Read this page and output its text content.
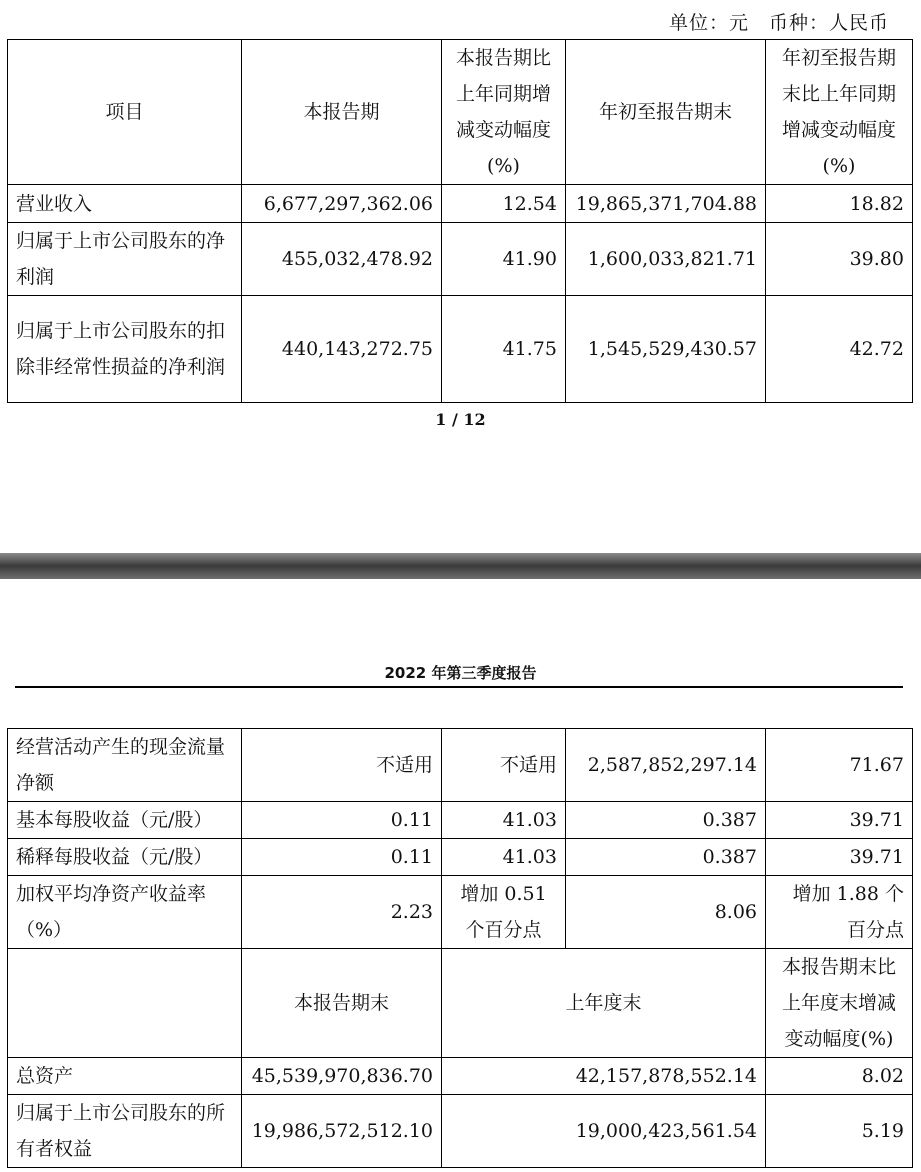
单位：元　币种：人民币
项目	本报告期	本报告期比上年同期增减变动幅度(%)	年初至报告期末	年初至报告期末比上年同期增减变动幅度(%)
营业收入	6,677,297,362.06	12.54	19,865,371,704.88	18.82
归属于上市公司股东的净利润	455,032,478.92	41.90	1,600,033,821.71	39.80
归属于上市公司股东的扣除非经常性损益的净利润	440,143,272.75	41.75	1,545,529,430.57	42.72
1 / 12
2022 年第三季度报告
经营活动产生的现金流量净额	不适用	不适用	2,587,852,297.14	71.67
基本每股收益（元/股）	0.11	41.03	0.387	39.71
稀释每股收益（元/股）	0.11	41.03	0.387	39.71
加权平均净资产收益率（%）	2.23	增加 0.51 个百分点	8.06	增加 1.88 个百分点
	本报告期末	上年度末		本报告期末比上年度末增减变动幅度(%)
总资产	45,539,970,836.70	42,157,878,552.14		8.02
归属于上市公司股东的所有者权益	19,986,572,512.10	19,000,423,561.54		5.19
